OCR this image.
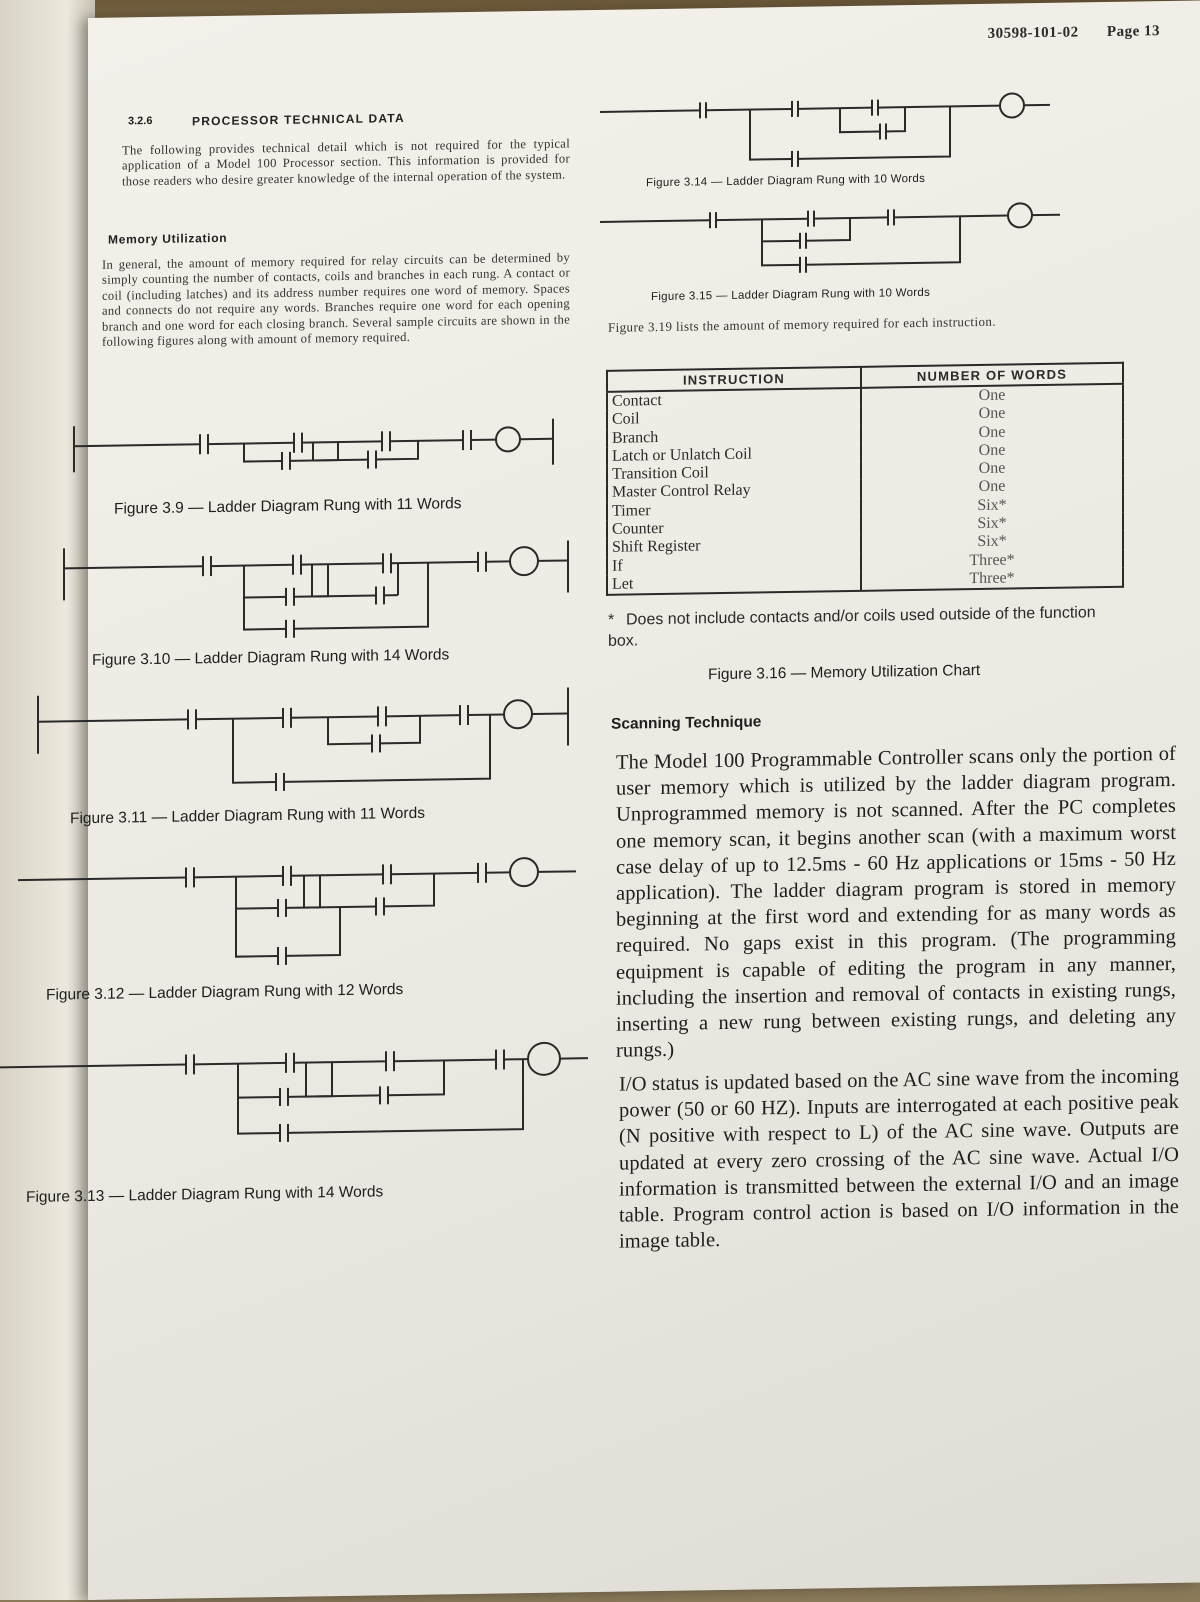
30598-101-02 Page 13
3.2.6	PROCESSOR TECHNICAL DATA
The following provides technical detail which is not required for the typical application of a Model 100 Processor section. This information is provided for those readers who desire greater knowledge of the internal operation of the system.
Memory Utilization
In general, the amount of memory required for relay circuits can be determined by simply counting the number of contacts, coils and branches in each rung. A contact or coil (including latches) and its address number requires one word of memory. Spaces and connects do not require any words. Branches require one word for each opening branch and one word for each closing branch. Several sample circuits are shown in the following figures along with amount of memory required.
Figure 3.9 — Ladder Diagram Rung with 11 Words
Figure 3.10 — Ladder Diagram Rung with 14 Words
Figure 3.11 — Ladder Diagram Rung with 11 Words
Figure 3.12 — Ladder Diagram Rung with 12 Words
Figure 3.13 — Ladder Diagram Rung with 14 Words
Figure 3.14 — Ladder Diagram Rung with 10 Words
Figure 3.15 — Ladder Diagram Rung with 10 Words
Figure 3.19 lists the amount of memory required for each instruction.
INSTRUCTION	NUMBER OF WORDS
Contact	One
Coil	One
Branch	One
Latch or Unlatch Coil	One
Transition Coil	One
Master Control Relay	One
Timer	Six*
Counter	Six*
Shift Register	Six*
If	Three*
Let	Three*
* Does not include contacts and/or coils used outside of the function box.
Figure 3.16 — Memory Utilization Chart
Scanning Technique
The Model 100 Programmable Controller scans only the portion of user memory which is utilized by the ladder diagram program. Unprogrammed memory is not scanned. After the PC completes one memory scan, it begins another scan (with a maximum worst case delay of up to 12.5ms - 60 Hz applications or 15ms - 50 Hz application). The ladder diagram program is stored in memory beginning at the first word and extending for as many words as required. No gaps exist in this program. (The programming equipment is capable of editing the program in any manner, including the insertion and removal of contacts in existing rungs, inserting a new rung between existing rungs, and deleting any rungs.)
I/O status is updated based on the AC sine wave from the incoming power (50 or 60 HZ). Inputs are interrogated at each positive peak (N positive with respect to L) of the AC sine wave. Outputs are updated at every zero crossing of the AC sine wave. Actual I/O information is transmitted between the external I/O and an image table. Program control action is based on I/O information in the image table.
